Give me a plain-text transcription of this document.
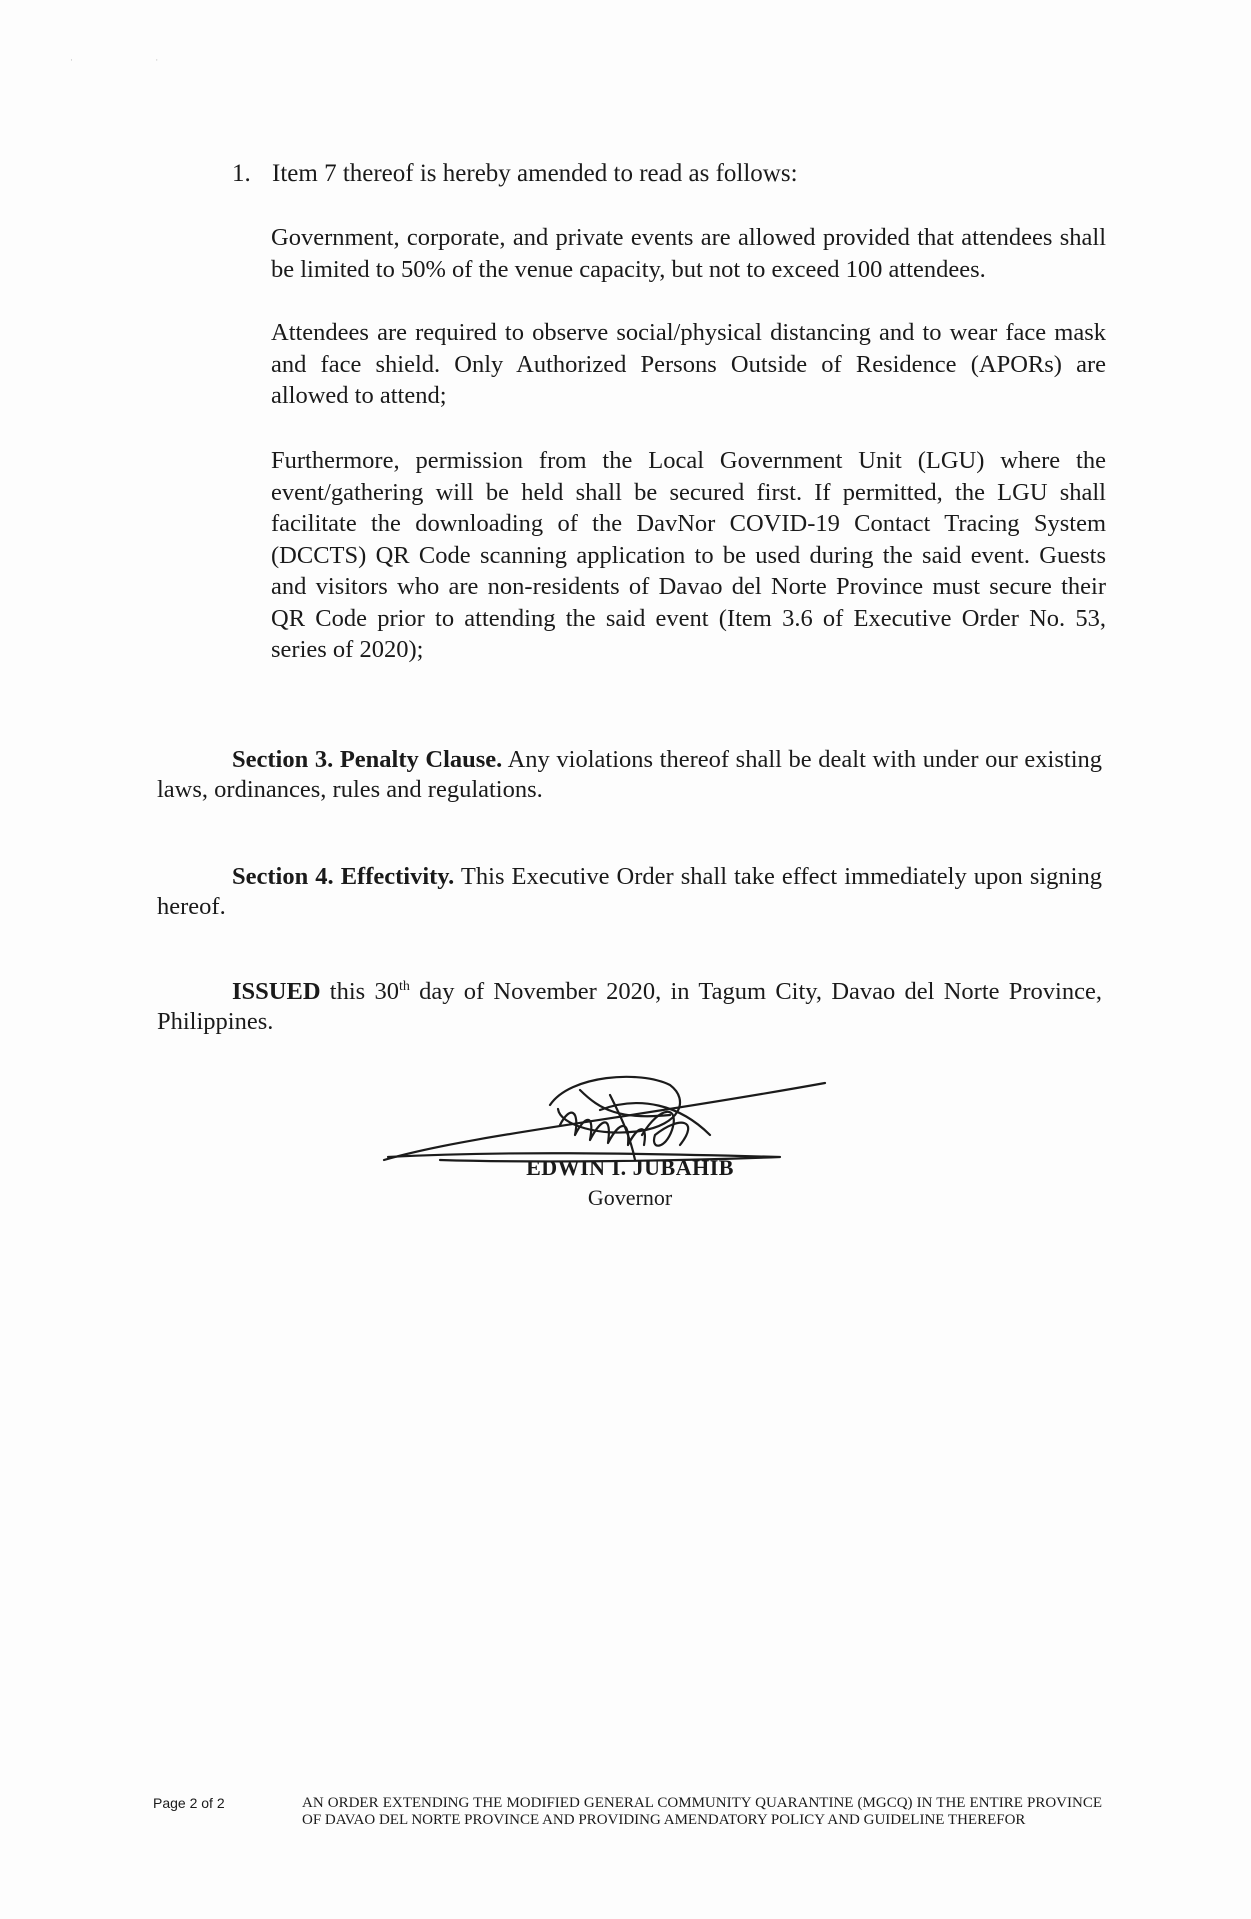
· ·
1. Item 7 thereof is hereby amended to read as follows:
Government, corporate, and private events are allowed provided that attendees shall be limited to 50% of the venue capacity, but not to exceed 100 attendees.
Attendees are required to observe social/physical distancing and to wear face mask and face shield. Only Authorized Persons Outside of Residence (APORs) are allowed to attend;
Furthermore, permission from the Local Government Unit (LGU) where the event/gathering will be held shall be secured first. If permitted, the LGU shall facilitate the downloading of the DavNor COVID-19 Contact Tracing System (DCCTS) QR Code scanning application to be used during the said event. Guests and visitors who are non-residents of Davao del Norte Province must secure their QR Code prior to attending the said event (Item 3.6 of Executive Order No. 53, series of 2020);
Section 3. Penalty Clause. Any violations thereof shall be dealt with under our existing laws, ordinances, rules and regulations.
Section 4. Effectivity. This Executive Order shall take effect immediately upon signing hereof.
ISSUED this 30th day of November 2020, in Tagum City, Davao del Norte Province, Philippines.
EDWIN I. JUBAHIB
Governor
Page 2 of 2	AN ORDER EXTENDING THE MODIFIED GENERAL COMMUNITY QUARANTINE (MGCQ) IN THE ENTIRE PROVINCE OF DAVAO DEL NORTE PROVINCE AND PROVIDING AMENDATORY POLICY AND GUIDELINE THEREFOR
